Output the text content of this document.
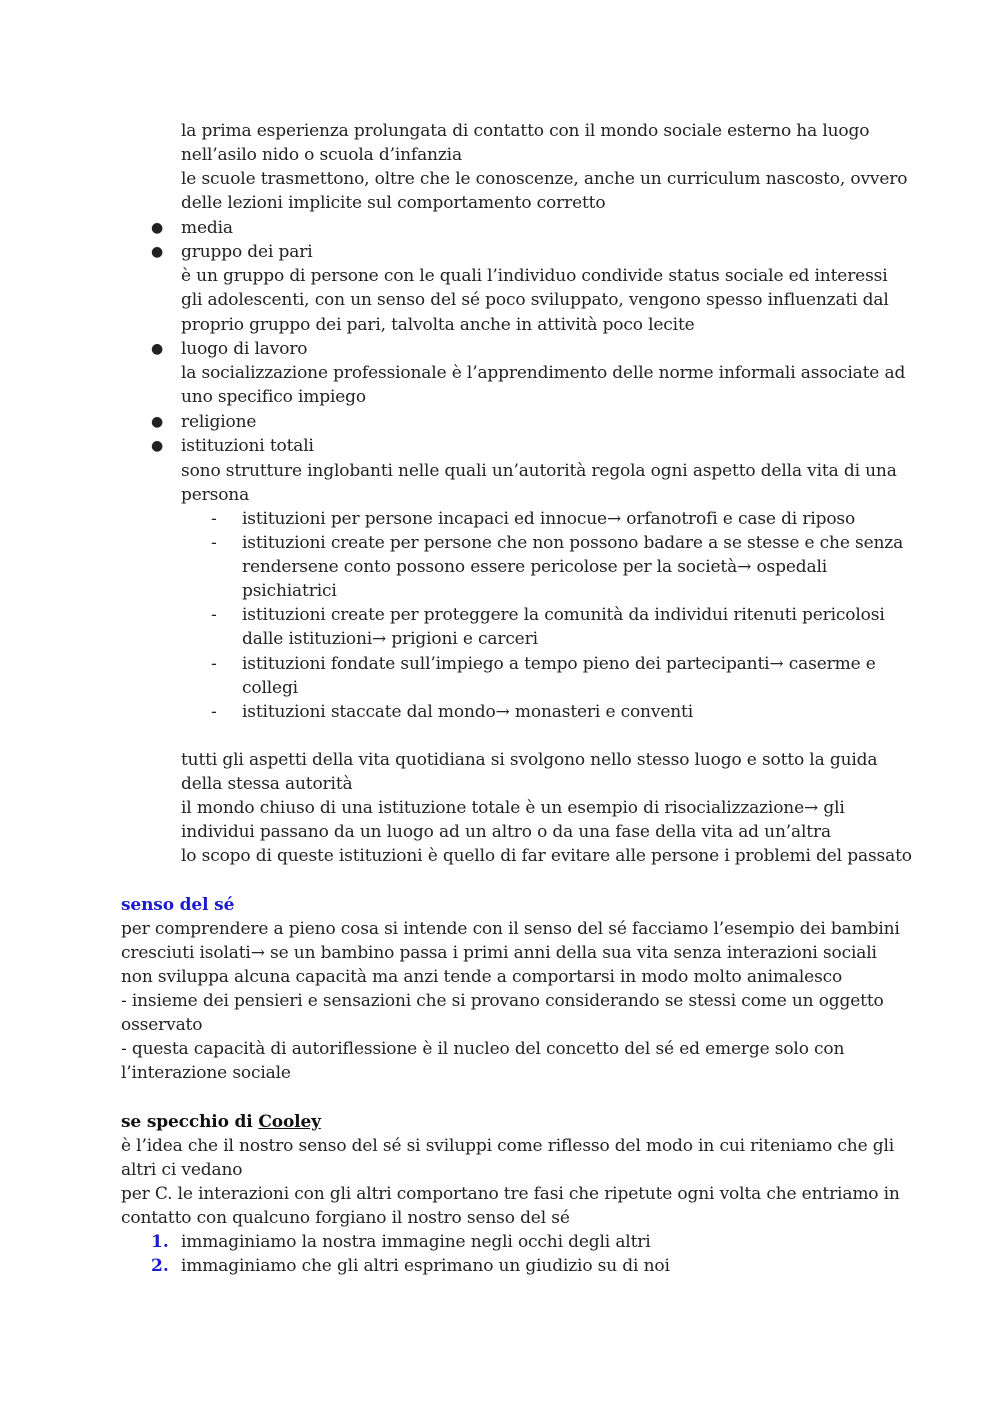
la prima esperienza prolungata di contatto con il mondo sociale esterno ha luogo
nell’asilo nido o scuola d’infanzia
le scuole trasmettono, oltre che le conoscenze, anche un curriculum nascosto, ovvero
delle lezioni implicite sul comportamento corretto
● media
● gruppo dei pari
è un gruppo di persone con le quali l’individuo condivide status sociale ed interessi
gli adolescenti, con un senso del sé poco sviluppato, vengono spesso influenzati dal
proprio gruppo dei pari, talvolta anche in attività poco lecite
● luogo di lavoro
la socializzazione professionale è l’apprendimento delle norme informali associate ad
uno specifico impiego
● religione
● istituzioni totali
sono strutture inglobanti nelle quali un’autorità regola ogni aspetto della vita di una
persona
- istituzioni per persone incapaci ed innocue→ orfanotrofi e case di riposo
- istituzioni create per persone che non possono badare a se stesse e che senza
rendersene conto possono essere pericolose per la società→ ospedali
psichiatrici
- istituzioni create per proteggere la comunità da individui ritenuti pericolosi
dalle istituzioni→ prigioni e carceri
- istituzioni fondate sull’impiego a tempo pieno dei partecipanti→ caserme e
collegi
- istituzioni staccate dal mondo→ monasteri e conventi
tutti gli aspetti della vita quotidiana si svolgono nello stesso luogo e sotto la guida
della stessa autorità
il mondo chiuso di una istituzione totale è un esempio di risocializzazione→ gli
individui passano da un luogo ad un altro o da una fase della vita ad un’altra
lo scopo di queste istituzioni è quello di far evitare alle persone i problemi del passato
senso del sé
per comprendere a pieno cosa si intende con il senso del sé facciamo l’esempio dei bambini
cresciuti isolati→ se un bambino passa i primi anni della sua vita senza interazioni sociali
non sviluppa alcuna capacità ma anzi tende a comportarsi in modo molto animalesco
- insieme dei pensieri e sensazioni che si provano considerando se stessi come un oggetto
osservato
- questa capacità di autoriflessione è il nucleo del concetto del sé ed emerge solo con
l’interazione sociale
se specchio di Cooley
è l’idea che il nostro senso del sé si sviluppi come riflesso del modo in cui riteniamo che gli
altri ci vedano
per C. le interazioni con gli altri comportano tre fasi che ripetute ogni volta che entriamo in
contatto con qualcuno forgiano il nostro senso del sé
1. immaginiamo la nostra immagine negli occhi degli altri
2. immaginiamo che gli altri esprimano un giudizio su di noi
